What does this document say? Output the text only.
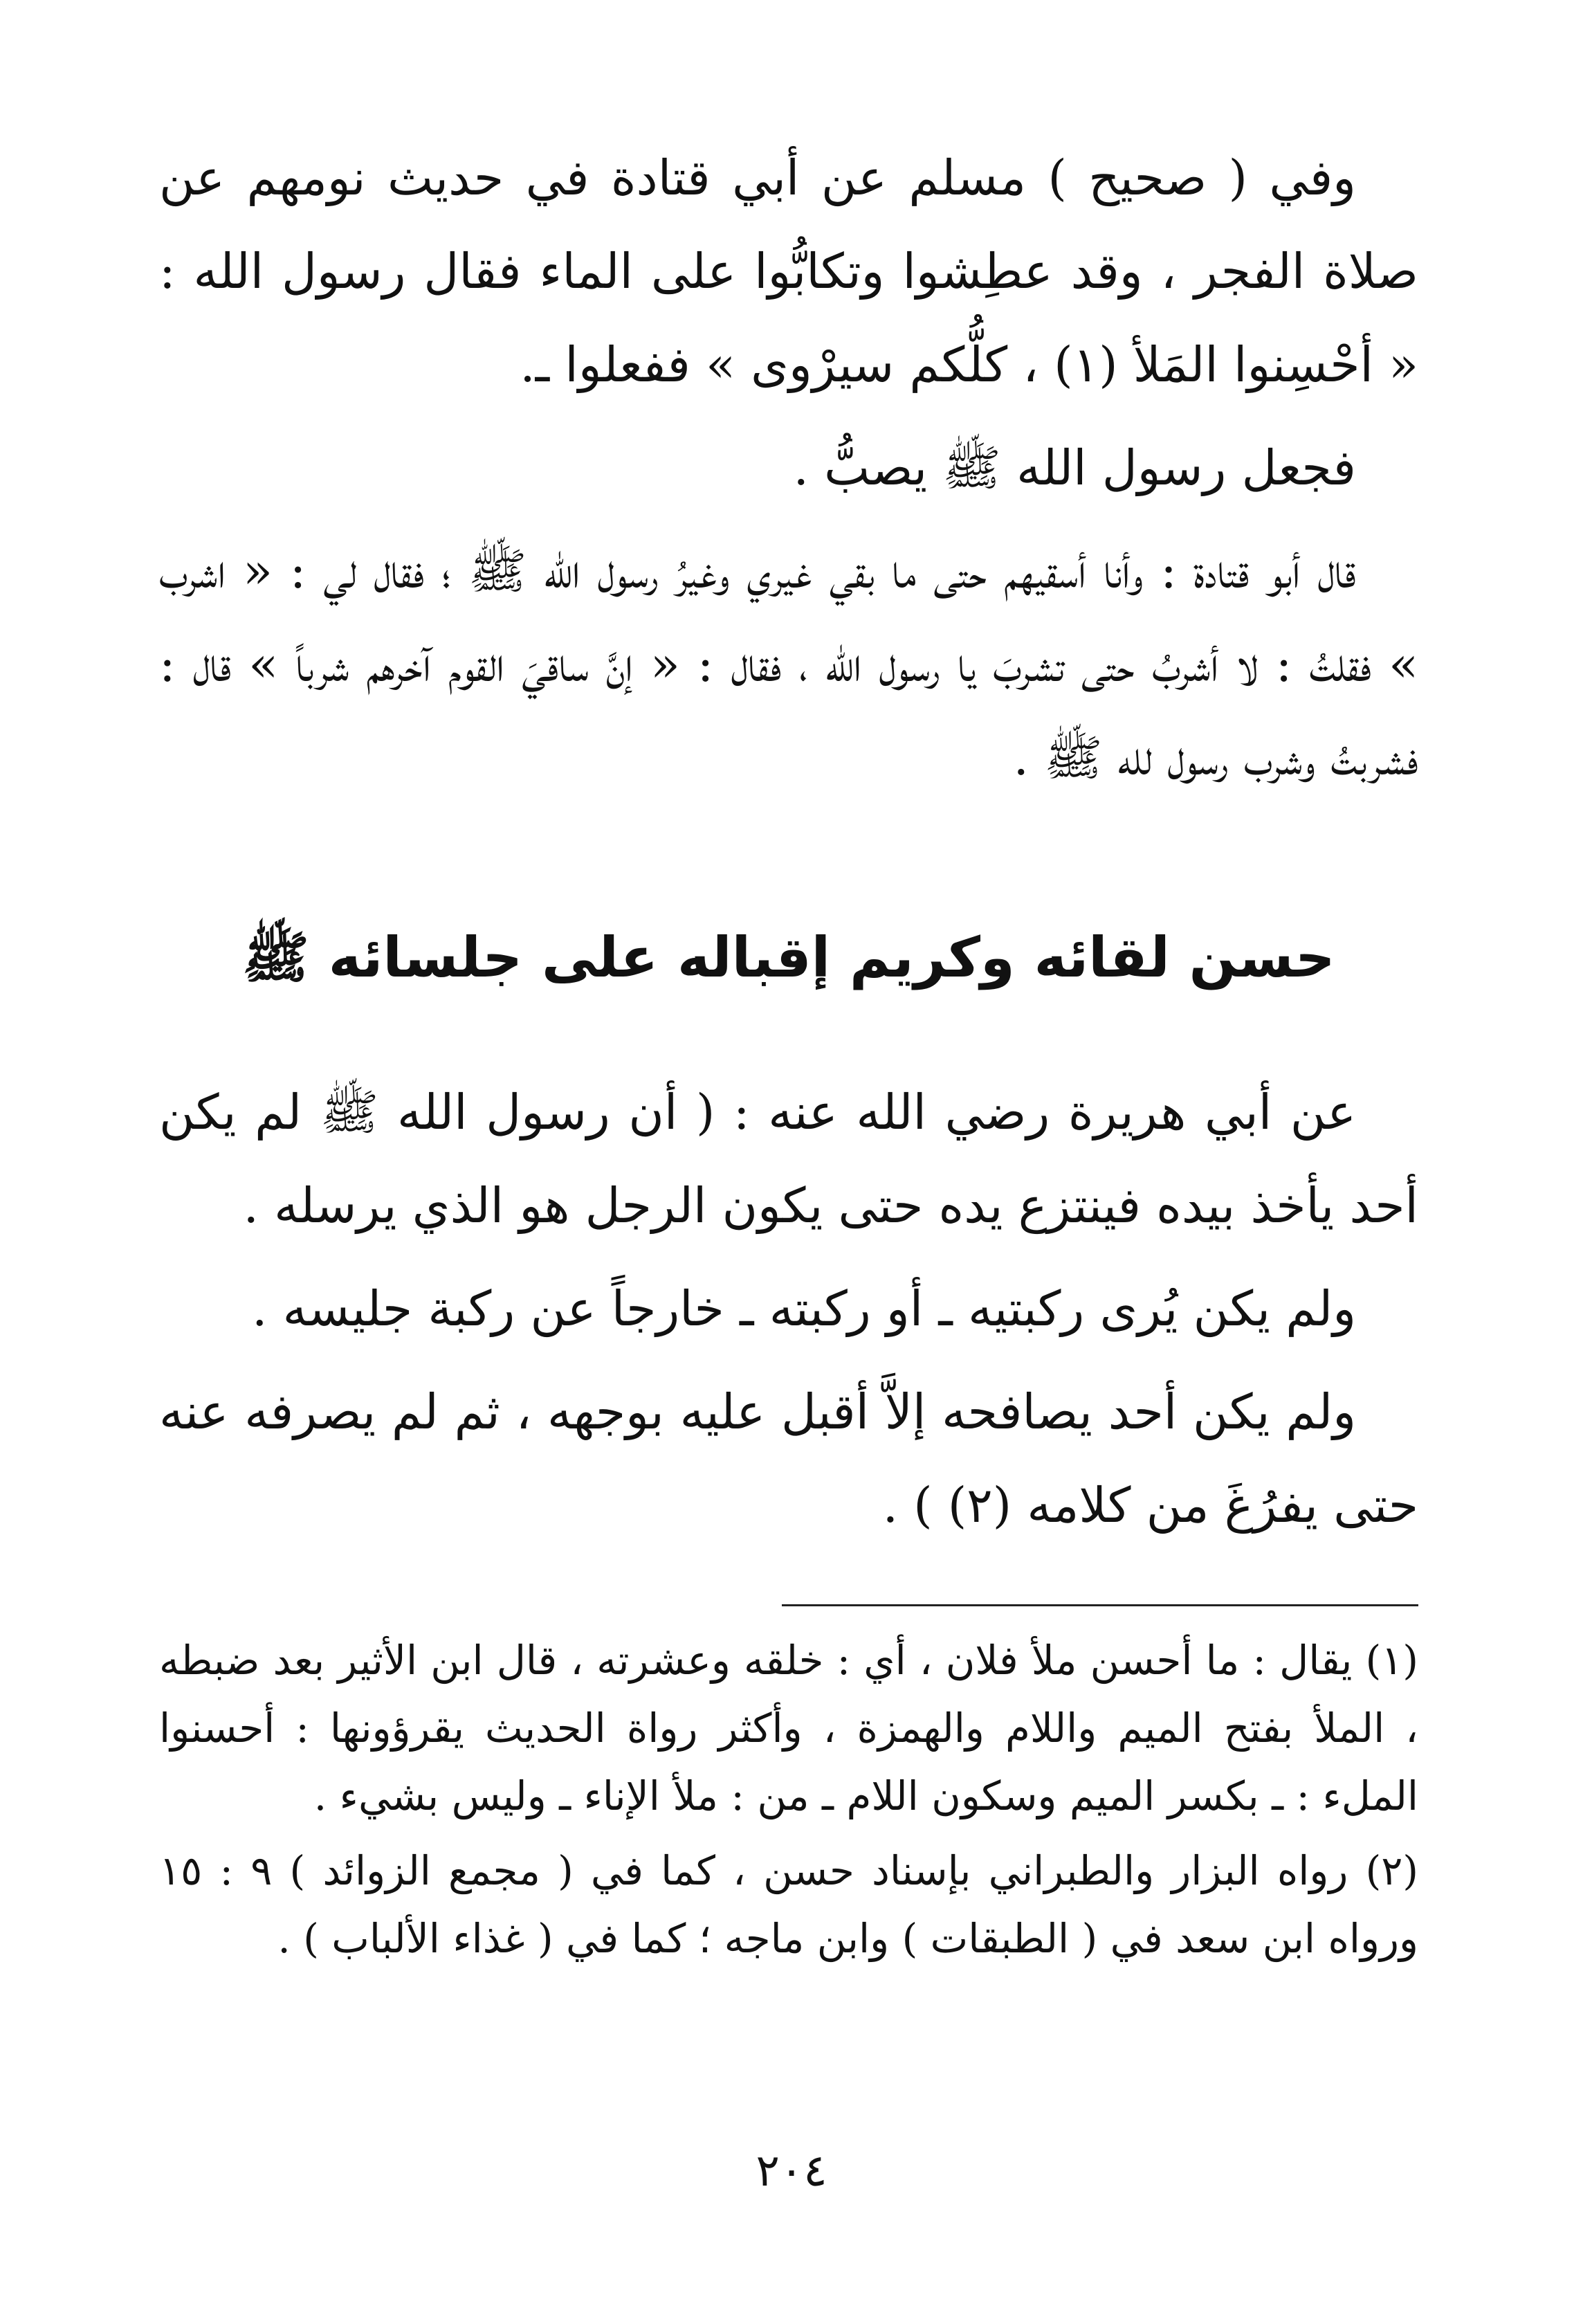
وفي ( صحيح ) مسلم عن أبي قتادة في حديث نومهم عن صلاة الفجر ، وقد عطِشوا وتكابُّوا على الماء فقال رسول الله : « أحْسِنوا المَلأ (١) ، كلُّكم سيرْوى » ففعلوا ـ.

فجعل رسول الله ﷺ يصبُّ .

قال أبو قتادة : وأنا أسقيهم حتى ما بقي غيري وغيرُ رسول الله ﷺ ؛ فقال لي : « اشرب » فقلتُ : لا أشربُ حتى تشربَ يا رسول الله ، فقال : « إنَّ ساقيَ القوم آخرهم شرباً » قال : فشربتُ وشرب رسول لله ﷺ .

حسن لقائه وكريم إقباله على جلسائه ﷺ

عن أبي هريرة رضي الله عنه : ( أن رسول الله ﷺ لم يكن أحد يأخذ بيده فينتزع يده حتى يكون الرجل هو الذي يرسله .

ولم يكن يُرى ركبتيه ـ أو ركبته ـ خارجاً عن ركبة جليسه .

ولم يكن أحد يصافحه إلاَّ أقبل عليه بوجهه ، ثم لم يصرفه عنه حتى يفرُغَ من كلامه (٢) ) .

(١) يقال : ما أحسن ملأ فلان ، أي : خلقه وعشرته ، قال ابن الأثير بعد ضبطه ، الملأ بفتح الميم واللام والهمزة ، وأكثر رواة الحديث يقرؤونها : أحسنوا الملء : ـ بكسر الميم وسكون اللام ـ من : ملأ الإناء ـ وليس بشيء .

(٢) رواه البزار والطبراني بإسناد حسن ، كما في ( مجمع الزوائد ) ٩ : ١٥ ورواه ابن سعد في ( الطبقات ) وابن ماجه ؛ كما في ( غذاء الألباب ) .

٢٠٤
